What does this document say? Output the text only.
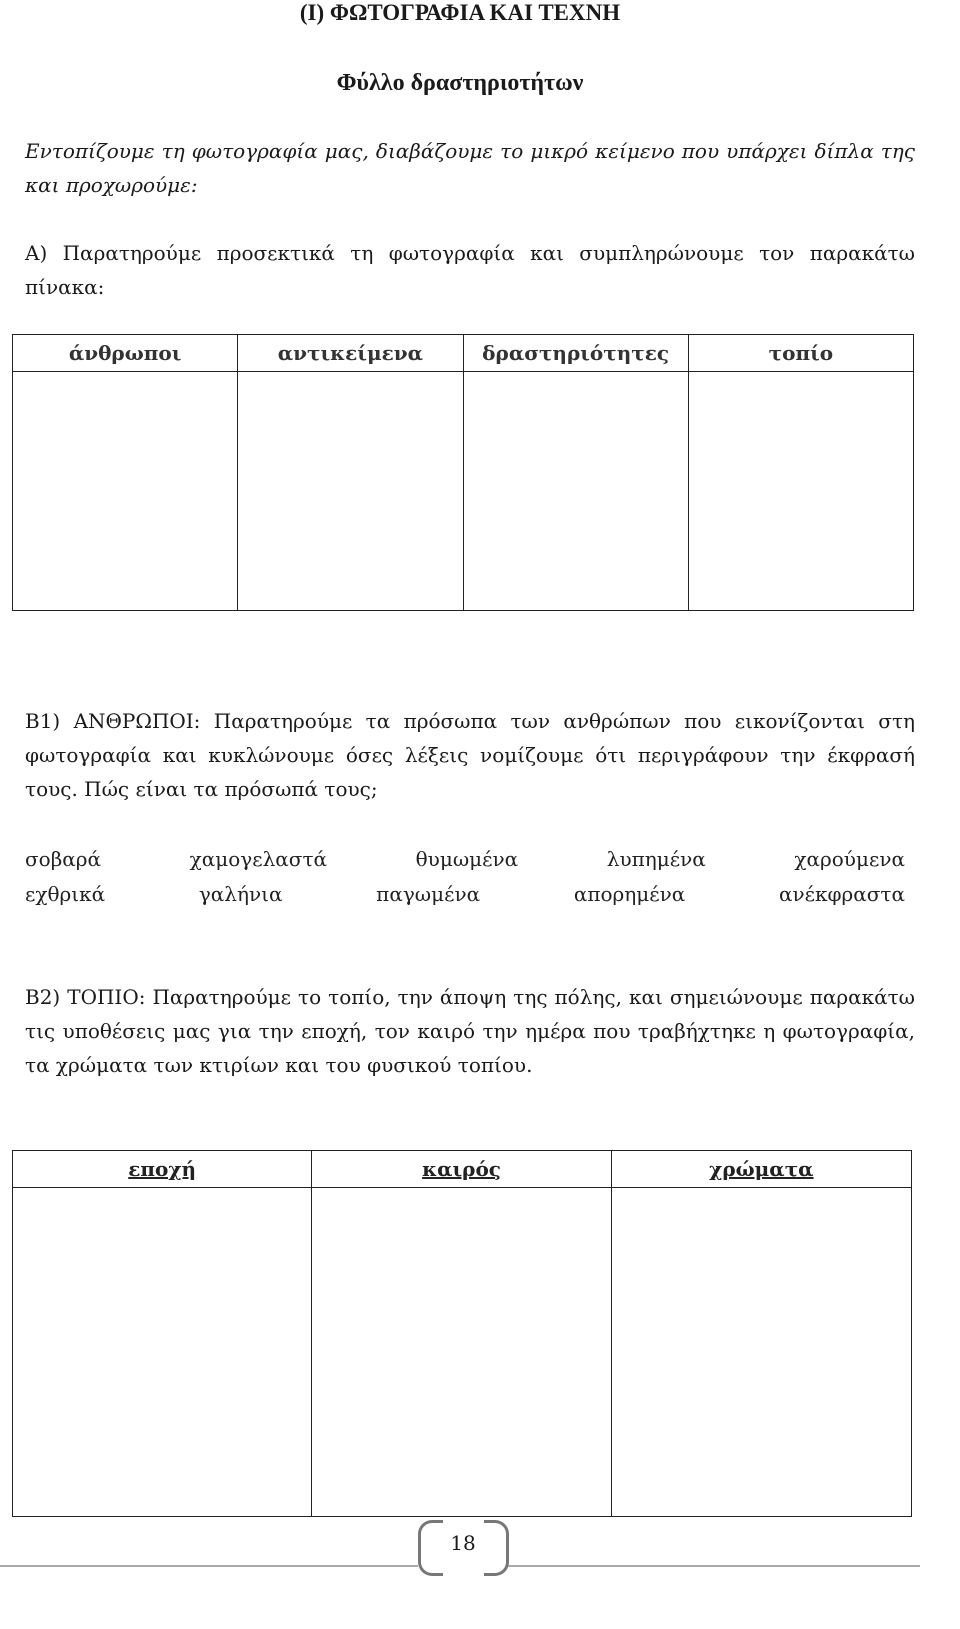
(Ι) ΦΩΤΟΓΡΑΦΙΑ ΚΑΙ ΤΕΧΝΗ
Φύλλο δραστηριοτήτων
Εντοπίζουμε τη φωτογραφία μας, διαβάζουμε το μικρό κείμενο που υπάρχει δίπλα της και προχωρούμε:
Α) Παρατηρούμε προσεκτικά τη φωτογραφία και συμπληρώνουμε τον παρακάτω πίνακα:
άνθρωποι	αντικείμενα	δραστηριότητες	τοπίο

Β1) ΑΝΘΡΩΠΟΙ: Παρατηρούμε τα πρόσωπα των ανθρώπων που εικονίζονται στη φωτογραφία και κυκλώνουμε όσες λέξεις νομίζουμε ότι περιγράφουν την έκφρασή τους. Πώς είναι τα πρόσωπά τους;
σοβαρά	χαμογελαστά	θυμωμένα	λυπημένα	χαρούμενα
εχθρικά	γαλήνια	παγωμένα	απορημένα	ανέκφραστα
Β2) ΤΟΠΙΟ: Παρατηρούμε το τοπίο, την άποψη της πόλης, και σημειώνουμε παρακάτω τις υποθέσεις μας για την εποχή, τον καιρό την ημέρα που τραβήχτηκε η φωτογραφία, τα χρώματα των κτιρίων και του φυσικού τοπίου.
εποχή	καιρός	χρώματα

18
